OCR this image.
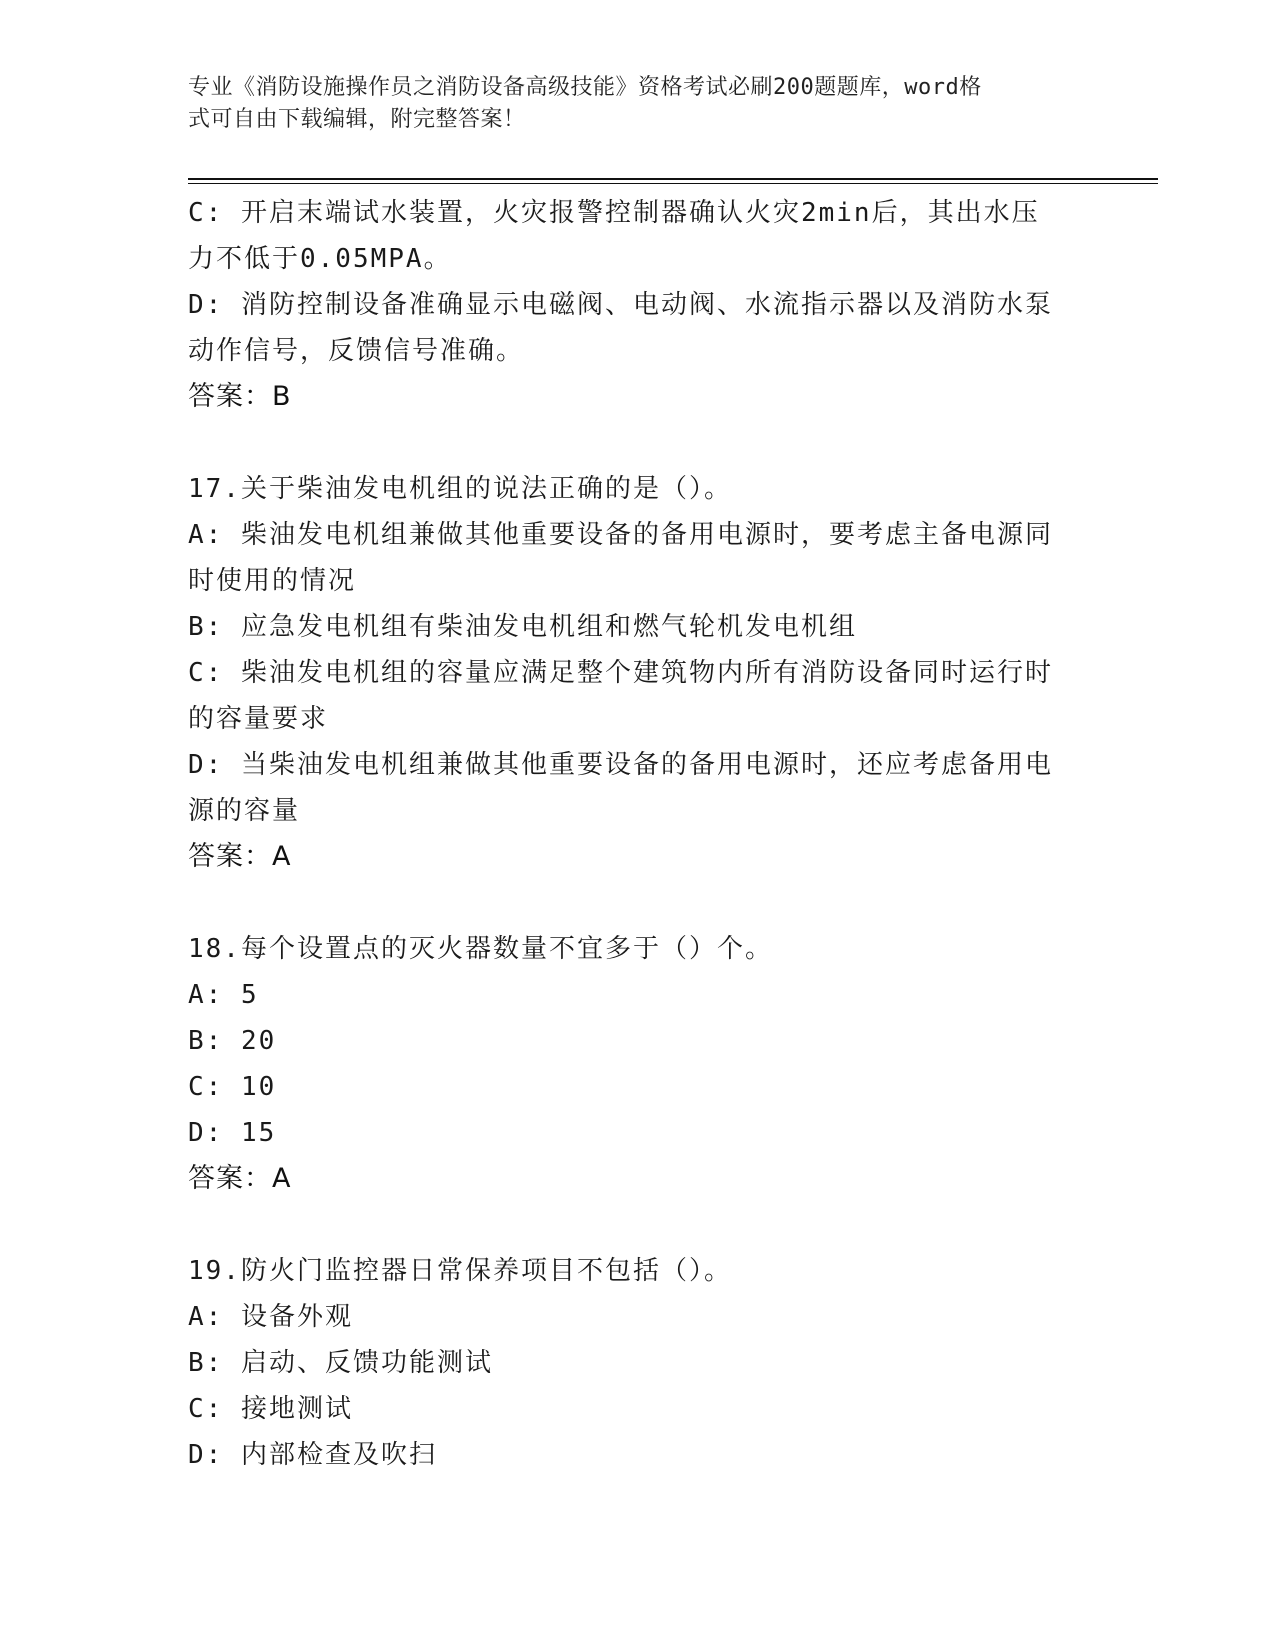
专业《消防设施操作员之消防设备高级技能》资格考试必刷200题题库，word格
式可自由下载编辑，附完整答案！
C: 开启末端试水装置，火灾报警控制器确认火灾2min后，其出水压
力不低于0.05MPA。
D: 消防控制设备准确显示电磁阀、电动阀、水流指示器以及消防水泵
动作信号，反馈信号准确。
答案：B
17.关于柴油发电机组的说法正确的是（）。
A: 柴油发电机组兼做其他重要设备的备用电源时，要考虑主备电源同
时使用的情况
B: 应急发电机组有柴油发电机组和燃气轮机发电机组
C: 柴油发电机组的容量应满足整个建筑物内所有消防设备同时运行时
的容量要求
D: 当柴油发电机组兼做其他重要设备的备用电源时，还应考虑备用电
源的容量
答案：A
18.每个设置点的灭火器数量不宜多于（）个。
A: 5
B: 20
C: 10
D: 15
答案：A
19.防火门监控器日常保养项目不包括（）。
A: 设备外观
B: 启动、反馈功能测试
C: 接地测试
D: 内部检查及吹扫
